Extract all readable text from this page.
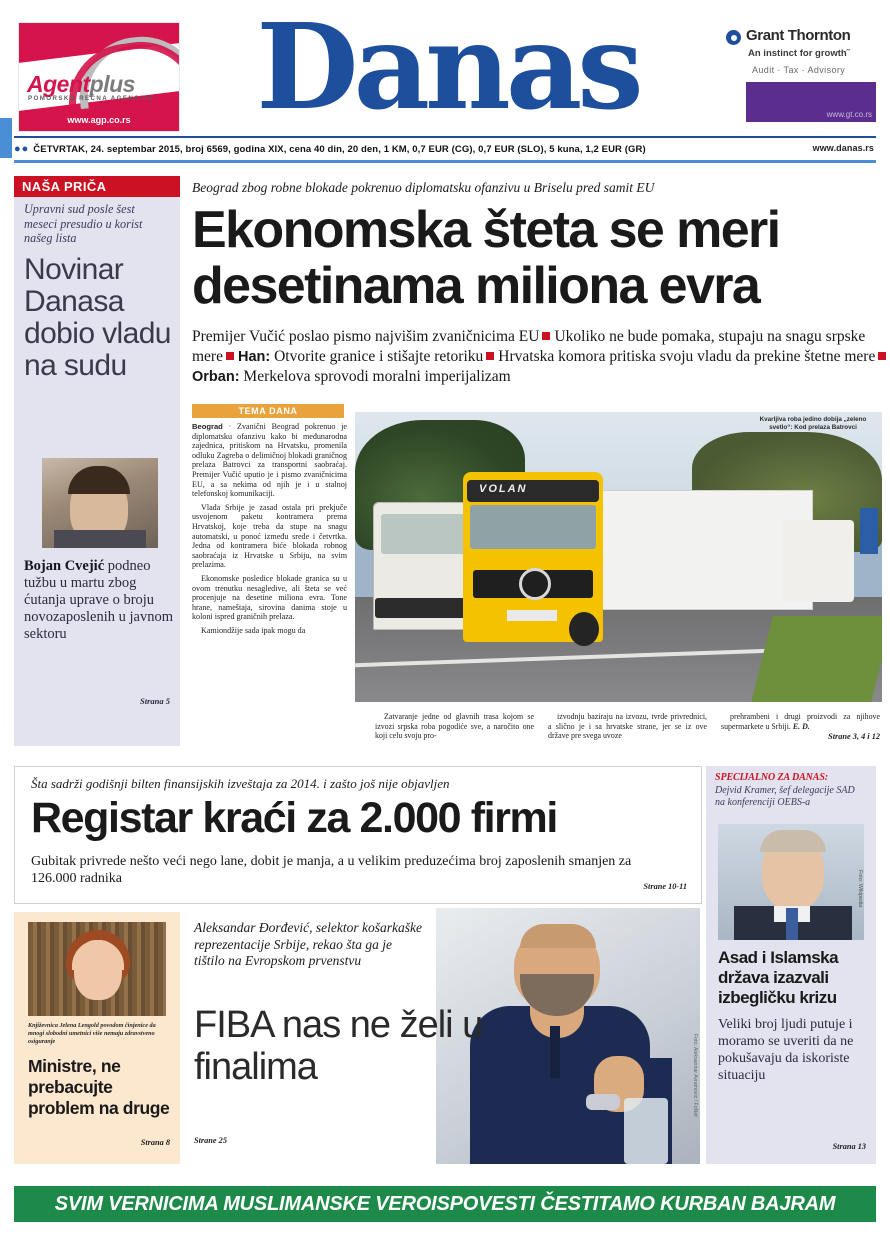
Agentplus
POMORSKO REČNA AGENCIJA
www.agp.co.rs	Danas	Grant Thornton
An instinct for growth˝
Audit · Tax · Advisory
www.gt.co.rs
●● ČETVRTAK, 24. septembar 2015, broj 6569, godina XIX, cena 40 din, 20 den, 1 KM, 0,7 EUR (CG), 0,7 EUR (SLO), 5 kuna, 1,2 EUR (GR)	www.danas.rs
NAŠA PRIČA
Upravni sud posle šest meseci presudio u korist našeg lista
Novinar Danasa dobio vladu na sudu
Bojan Cvejić podneo tužbu u martu zbog ćutanja uprave o broju novozaposlenih u javnom sektoru
Strana 5
Beograd zbog robne blokade pokrenuo diplomatsku ofanzivu u Briselu pred samit EU
Ekonomska šteta se meri
desetinama miliona evra
Premijer Vučić poslao pismo najvišim zvaničnicima EU Ukoliko ne bude pomaka, stupaju na snagu srpske mere Han: Otvorite granice i stišajte retoriku Hrvatska komora pritiska svoju vladu da prekine štetne mereOrban: Merkelova sprovodi moralni imperijalizam
TEMA DANA

Beograd · Zvanični Beograd pokrenuo je diplomatsku ofanzivu kako bi međunarodna zajednica, pritiskom na Hrvatsku, promenila odluku Zagreba o delimičnoj blokadi graničnog prelaza Batrovci za transportni saobraćaj. Premijer Vučić uputio je i pismo zvaničnicima EU, a sa nekima od njih je i u stalnoj telefonskoj komunikaciji.

Vlada Srbije je zasad ostala pri prekjuče usvojenom paketu kontramera prema Hrvatskoj, koje treba da stupe na snagu automatski, u ponoć između srede i četvrtka. Jedna od kontramera biće blokada robnog saobraćaja iz Hrvatske u Srbiju, na svim prelazima.

Ekonomske posledice blokade granica su u ovom trenutku nesagledive, ali šteta se već procenjuje na desetine miliona evra. Tone hrane, nameštaja, sirovina danima stoje u koloni ispred graničnih prelaza.

Kamiondžije sada ipak mogu da

VOLAN
Kvarljiva roba jedino dobija „zeleno svetlo“: Kod prelaza Batrovci

Zatvaranje jedne od glavnih trasa kojom se izvozi srpska roba pogodiće sve, a naročito one koji celu svoju pro-

izvodnju baziraju na izvozu, tvrde privrednici, a slično je i sa hrvatske strane, jer se iz ove države pre svega uvoze

prehrambeni i drugi proizvodi za njihove supermarkete u Srbiji. E. D.

Strane 3, 4 i 12
Šta sadrži godišnji bilten finansijskih izveštaja za 2014. i zašto još nije objavljen
Registar kraći za 2.000 firmi
Gubitak privrede nešto veći nego lane, dobit je manja, a u velikim preduzećima broj zaposlenih smanjen za 126.000 radnika
Strane 10-11
SPECIJALNO ZA DANAS:
Dejvid Kramer, šef delegacije SAD na konferenciji OEBS-a
Foto: Wikipedia
Asad i Islamska država izazvali izbegličku krizu
Veliki broj ljudi putuje i moramo se uveriti da ne pokušavaju da iskoriste situaciju
Strana 13
Književnica Jelena Lengold povodom činjenice da mnogi slobodni umetnici više nemaju zdravstveno osiguranje
Ministre, ne prebacujte problem na druge
Strana 8
Foto: Aleksandar Avramović / FoNet
Aleksandar Đorđević, selektor košarkaške reprezentacije Srbije, rekao šta ga je tištilo na Evropskom prvenstvu
FIBA nas ne želi u finalima
Strane 25
SVIM VERNICIMA MUSLIMANSKE VEROISPOVESTI ČESTITAMO KURBAN BAJRAM
